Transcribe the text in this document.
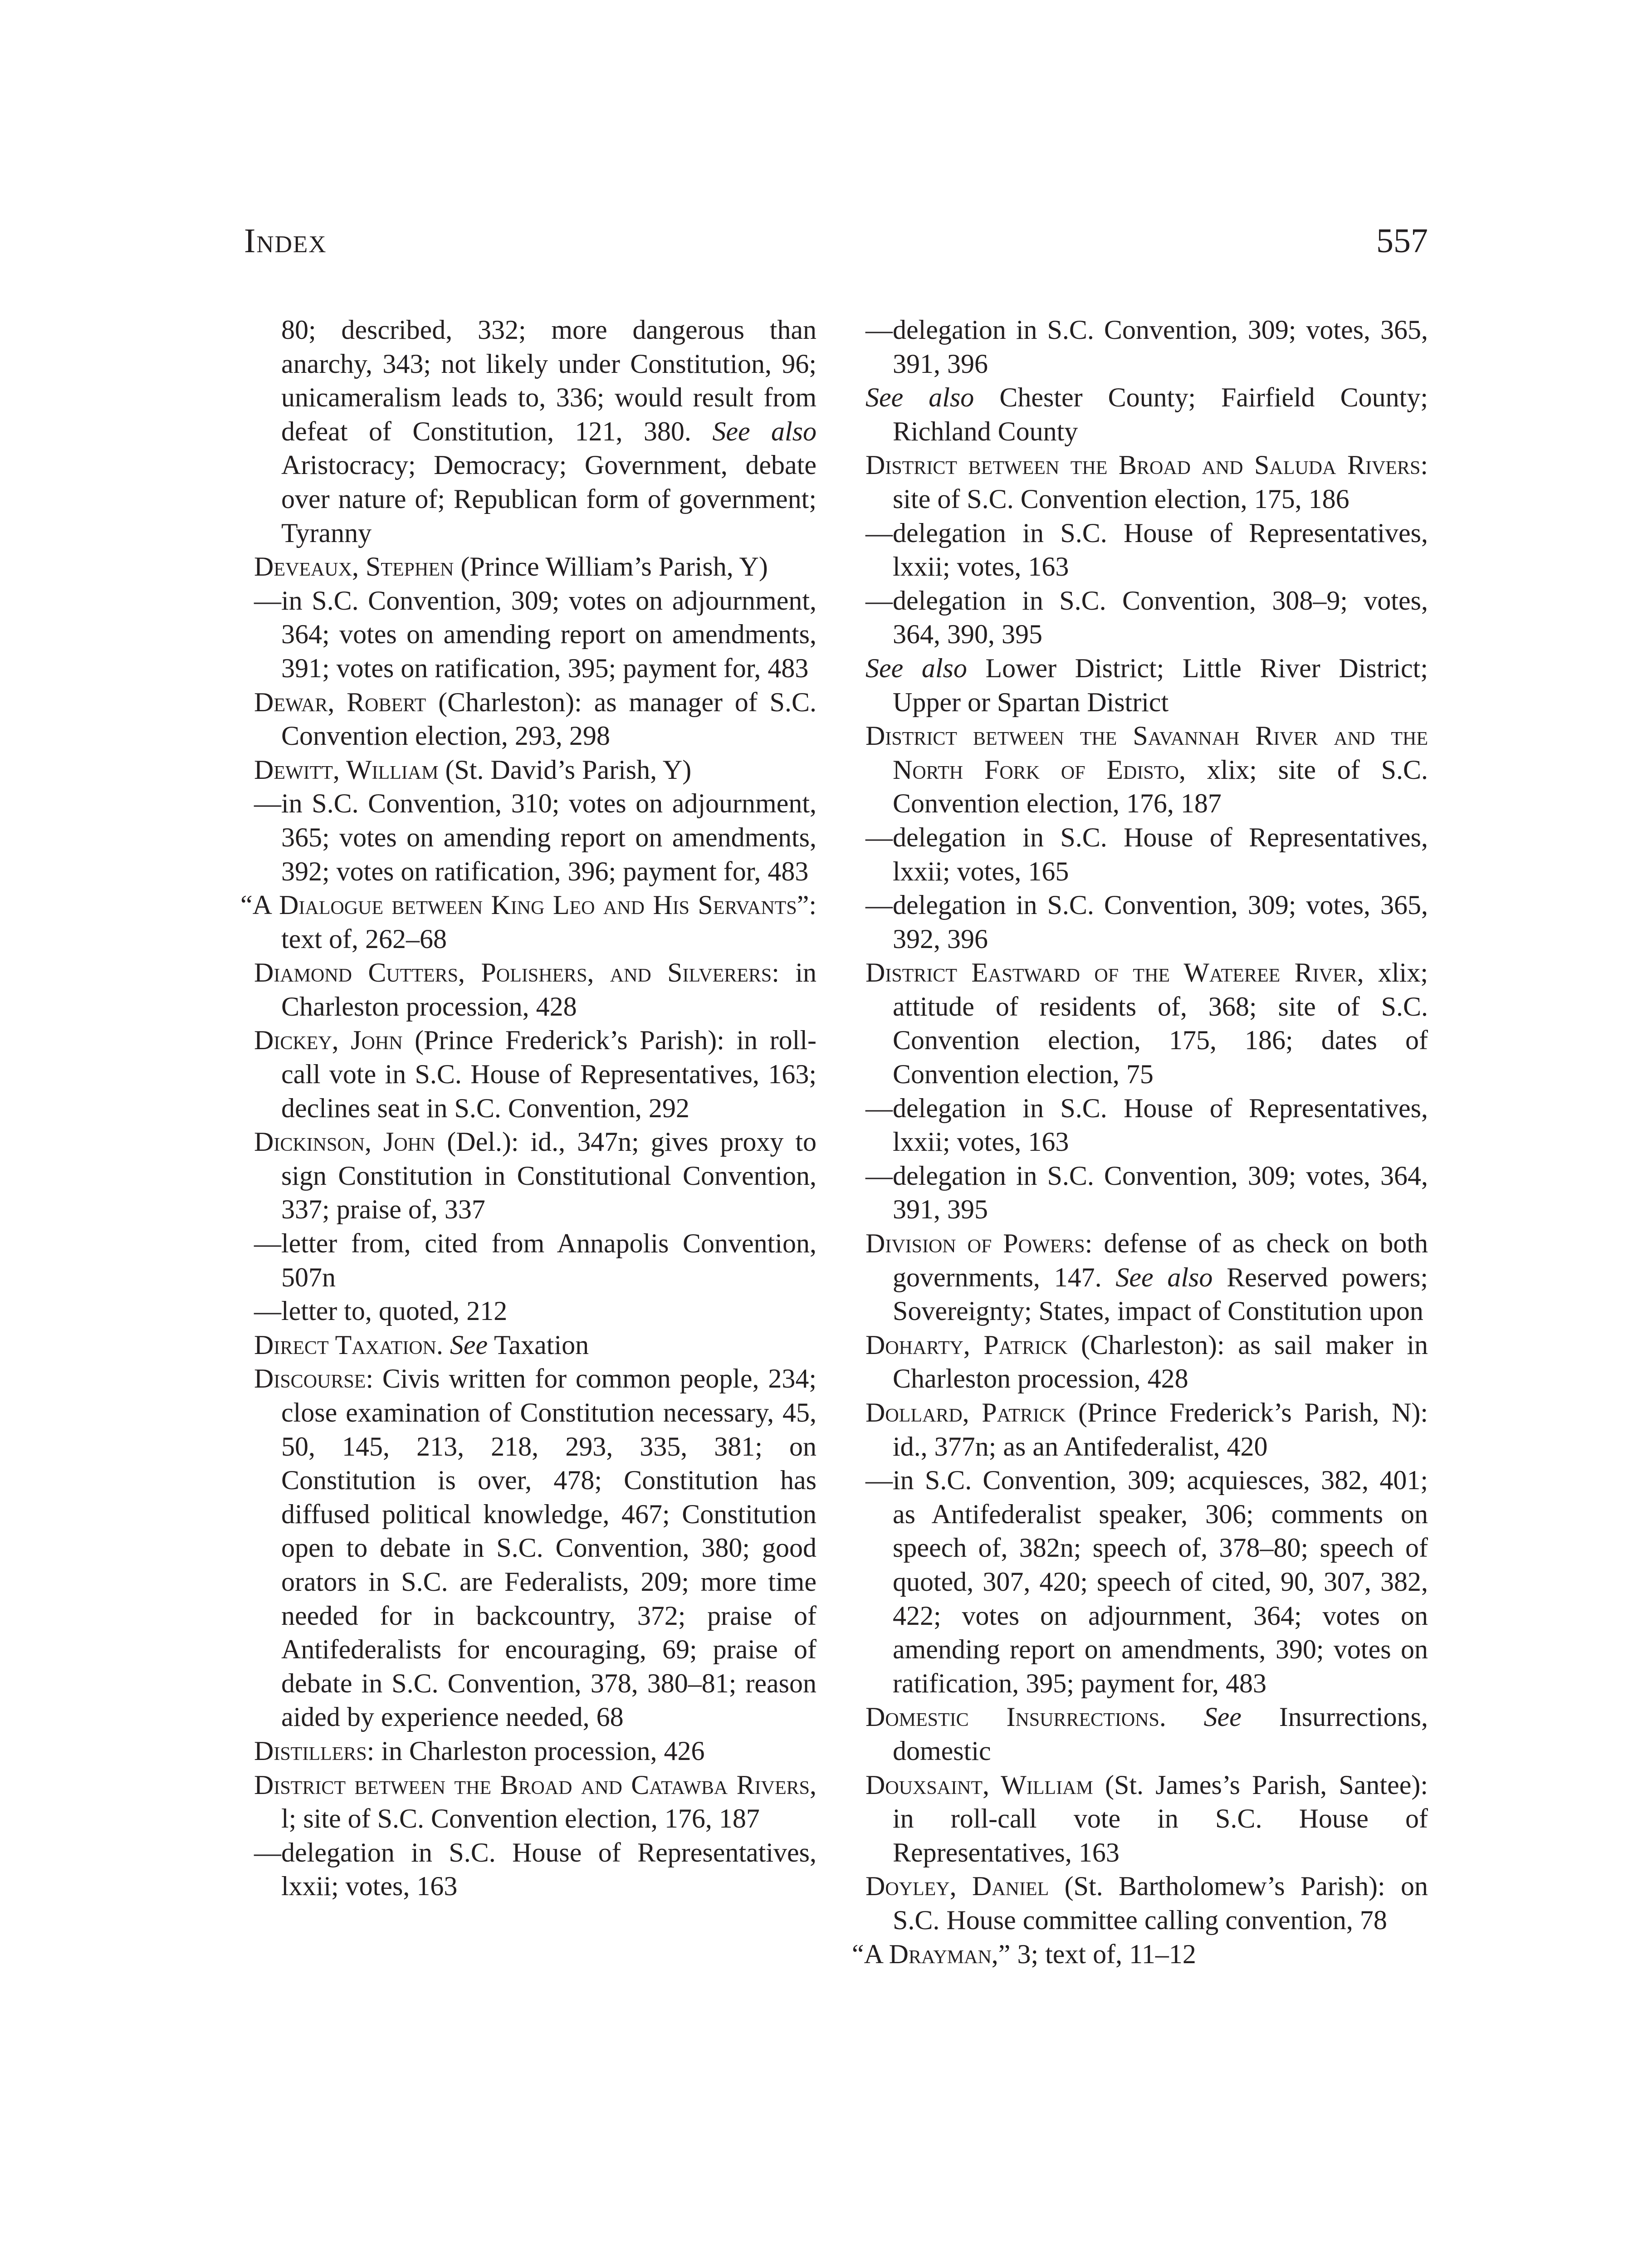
Index	557
80; described, 332; more dangerous than anarchy, 343; not likely under Constitution, 96; unicameralism leads to, 336; would result from defeat of Constitution, 121, 380. See also Aristocracy; Democracy; Government, debate over nature of; Republican form of government; Tyranny
Deveaux, Stephen (Prince William’s Parish, Y)
—in S.C. Convention, 309; votes on adjournment, 364; votes on amending report on amendments, 391; votes on ratification, 395; payment for, 483
Dewar, Robert (Charleston): as manager of S.C. Convention election, 293, 298
Dewitt, William (St. David’s Parish, Y)
—in S.C. Convention, 310; votes on adjournment, 365; votes on amending report on amendments, 392; votes on ratification, 396; payment for, 483
“A Dialogue between King Leo and His Servants”: text of, 262–68
Diamond Cutters, Polishers, and Silverers: in Charleston procession, 428
Dickey, John (Prince Frederick’s Parish): in roll-call vote in S.C. House of Representatives, 163; declines seat in S.C. Convention, 292
Dickinson, John (Del.): id., 347n; gives proxy to sign Constitution in Constitutional Convention, 337; praise of, 337
—letter from, cited from Annapolis Convention, 507n
—letter to, quoted, 212
Direct Taxation. See Taxation
Discourse: Civis written for common people, 234; close examination of Constitution necessary, 45, 50, 145, 213, 218, 293, 335, 381; on Constitution is over, 478; Constitution has diffused political knowledge, 467; Constitution open to debate in S.C. Convention, 380; good orators in S.C. are Federalists, 209; more time needed for in backcountry, 372; praise of Antifederalists for encouraging, 69; praise of debate in S.C. Convention, 378, 380–81; reason aided by experience needed, 68
Distillers: in Charleston procession, 426
District between the Broad and Catawba Rivers, l; site of S.C. Convention election, 176, 187
—delegation in S.C. House of Representatives, lxxii; votes, 163
—delegation in S.C. Convention, 309; votes, 365, 391, 396
See also Chester County; Fairfield County; Richland County
District between the Broad and Saluda Rivers: site of S.C. Convention election, 175, 186
—delegation in S.C. House of Representatives, lxxii; votes, 163
—delegation in S.C. Convention, 308–9; votes, 364, 390, 395
See also Lower District; Little River District; Upper or Spartan District
District between the Savannah River and the North Fork of Edisto, xlix; site of S.C. Convention election, 176, 187
—delegation in S.C. House of Representatives, lxxii; votes, 165
—delegation in S.C. Convention, 309; votes, 365, 392, 396
District Eastward of the Wateree River, xlix; attitude of residents of, 368; site of S.C. Convention election, 175, 186; dates of Convention election, 75
—delegation in S.C. House of Representatives, lxxii; votes, 163
—delegation in S.C. Convention, 309; votes, 364, 391, 395
Division of Powers: defense of as check on both governments, 147. See also Reserved powers; Sovereignty; States, impact of Constitution upon
Doharty, Patrick (Charleston): as sail maker in Charleston procession, 428
Dollard, Patrick (Prince Frederick’s Parish, N): id., 377n; as an Antifederalist, 420
—in S.C. Convention, 309; acquiesces, 382, 401; as Antifederalist speaker, 306; comments on speech of, 382n; speech of, 378–80; speech of quoted, 307, 420; speech of cited, 90, 307, 382, 422; votes on adjournment, 364; votes on amending report on amendments, 390; votes on ratification, 395; payment for, 483
Domestic Insurrections. See Insurrections, domestic
Douxsaint, William (St. James’s Parish, Santee): in roll-call vote in S.C. House of Representatives, 163
Doyley, Daniel (St. Bartholomew’s Parish): on S.C. House committee calling convention, 78
“A Drayman,” 3; text of, 11–12
